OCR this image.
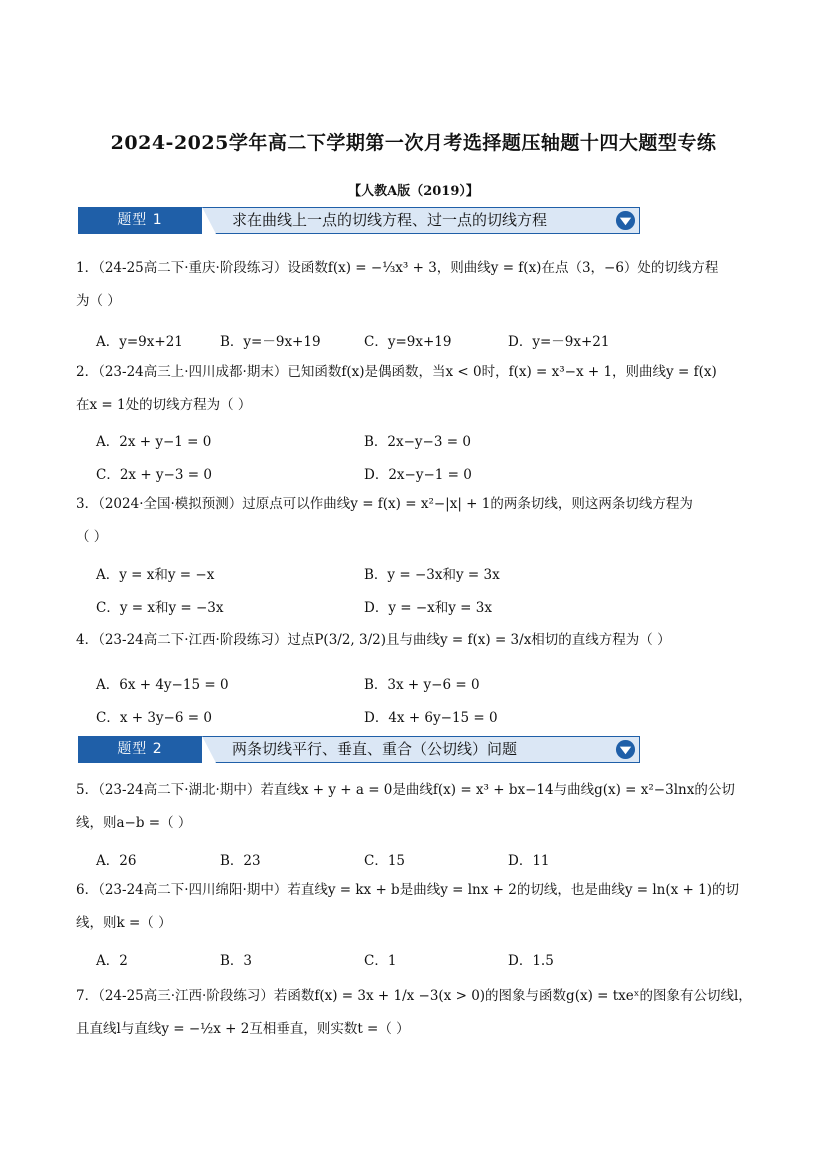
2024-2025学年高二下学期第一次月考选择题压轴题十四大题型专练
【人教A版（2019）】
题型 1	求在曲线上一点的切线方程、过一点的切线方程
1．（24-25高二下·重庆·阶段练习）设函数f(x) = −⅓x³ + 3，则曲线y = f(x)在点（3，−6）处的切线方程
为（ ）
A．y=9x+21	B．y=－9x+19	C．y=9x+19	D．y=－9x+21
2．（23-24高三上·四川成都·期末）已知函数f(x)是偶函数，当x < 0时，f(x) = x³−x + 1，则曲线y = f(x)
在x = 1处的切线方程为（ ）
A．2x + y−1 = 0	B．2x−y−3 = 0
C．2x + y−3 = 0	D．2x−y−1 = 0
3．（2024·全国·模拟预测）过原点可以作曲线y = f(x) = x²−|x| + 1的两条切线，则这两条切线方程为
（ ）
A．y = x和y = −x	B．y = −3x和y = 3x
C．y = x和y = −3x	D．y = −x和y = 3x
4．（23-24高二下·江西·阶段练习）过点P(3/2, 3/2)且与曲线y = f(x) = 3/x相切的直线方程为（ ）
A．6x + 4y−15 = 0	B．3x + y−6 = 0
C．x + 3y−6 = 0	D．4x + 6y−15 = 0
题型 2	两条切线平行、垂直、重合（公切线）问题
5．（23-24高二下·湖北·期中）若直线x + y + a = 0是曲线f(x) = x³ + bx−14与曲线g(x) = x²−3lnx的公切
线，则a−b =（ ）
A．26	B．23	C．15	D．11
6．（23-24高二下·四川绵阳·期中）若直线y = kx + b是曲线y = lnx + 2的切线，也是曲线y = ln(x + 1)的切
线，则k =（ ）
A．2	B．3	C．1	D．1.5
7．（24-25高三·江西·阶段练习）若函数f(x) = 3x + 1/x −3(x > 0)的图象与函数g(x) = txeˣ的图象有公切线l，
且直线l与直线y = −½x + 2互相垂直，则实数t =（ ）
